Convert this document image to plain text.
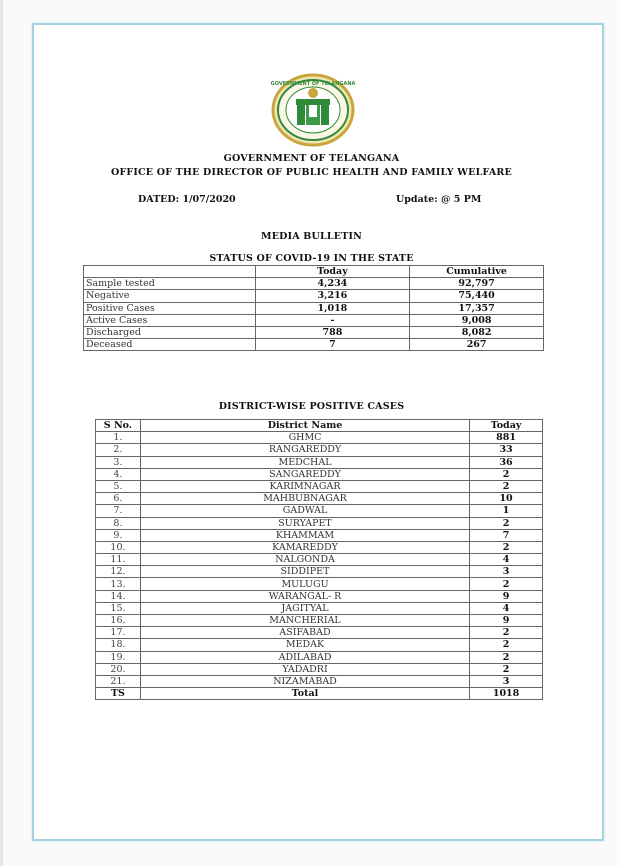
GOVERNMENT OF TELANGANA
GOVERNMENT OF TELANGANA
OFFICE OF THE DIRECTOR OF PUBLIC HEALTH AND FAMILY WELFARE
DATED: 1/07/2020	Update: @ 5 PM
MEDIA BULLETIN
STATUS OF COVID-19 IN THE STATE
	Today	Cumulative
Sample tested	4,234	92,797
Negative	3,216	75,440
Positive Cases	1,018	17,357
Active Cases	-	9,008
Discharged	788	8,082
Deceased	7	267
DISTRICT-WISE POSITIVE CASES
S No.	District Name	Today
1.	GHMC	881
2.	RANGAREDDY	33
3.	MEDCHAL	36
4.	SANGAREDDY	2
5.	KARIMNAGAR	2
6.	MAHBUBNAGAR	10
7.	GADWAL	1
8.	SURYAPET	2
9.	KHAMMAM	7
10.	KAMAREDDY	2
11.	NALGONDA	4
12.	SIDDIPET	3
13.	MULUGU	2
14.	WARANGAL- R	9
15.	JAGITYAL	4
16.	MANCHERIAL	9
17.	ASIFABAD	2
18.	MEDAK	2
19.	ADILABAD	2
20.	YADADRI	2
21.	NIZAMABAD	3
TS	Total	1018
